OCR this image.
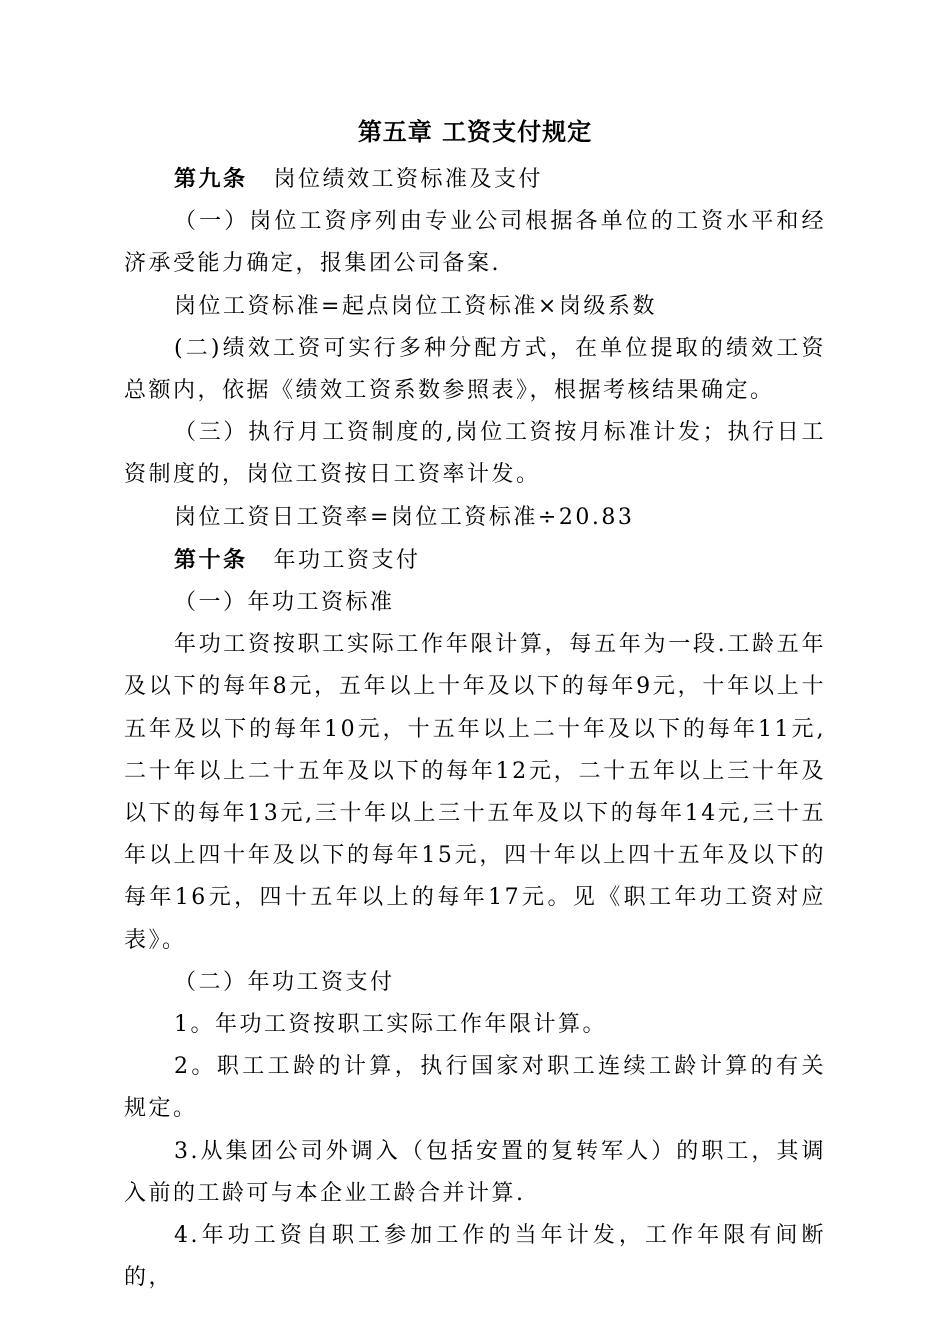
第五章 工资支付规定

第九条 岗位绩效工资标准及支付

（一）岗位工资序列由专业公司根据各单位的工资水平和经济承受能力确定，报集团公司备案.

岗位工资标准=起点岗位工资标准×岗级系数

(二)绩效工资可实行多种分配方式，在单位提取的绩效工资总额内，依据《绩效工资系数参照表》，根据考核结果确定。

（三）执行月工资制度的,岗位工资按月标准计发；执行日工资制度的，岗位工资按日工资率计发。

岗位工资日工资率=岗位工资标准÷20.83

第十条 年功工资支付

（一）年功工资标准

年功工资按职工实际工作年限计算，每五年为一段.工龄五年及以下的每年8元，五年以上十年及以下的每年9元，十年以上十五年及以下的每年10元，十五年以上二十年及以下的每年11元,二十年以上二十五年及以下的每年12元，二十五年以上三十年及以下的每年13元,三十年以上三十五年及以下的每年14元,三十五年以上四十年及以下的每年15元，四十年以上四十五年及以下的每年16元，四十五年以上的每年17元。见《职工年功工资对应表》。

（二）年功工资支付

1。年功工资按职工实际工作年限计算。

2。职工工龄的计算，执行国家对职工连续工龄计算的有关规定。

3.从集团公司外调入（包括安置的复转军人）的职工，其调入前的工龄可与本企业工龄合并计算.

4.年功工资自职工参加工作的当年计发，工作年限有间断的，
